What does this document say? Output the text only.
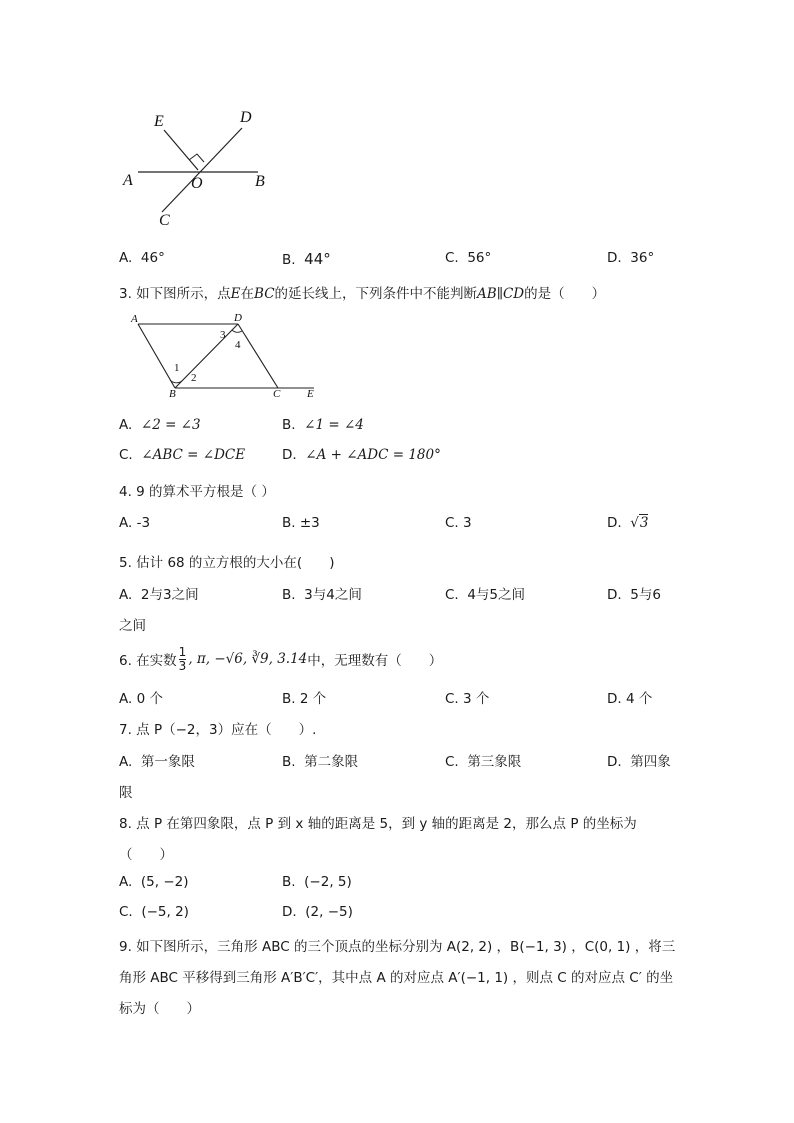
E	D
A	O	B
C
A. 46°	B. 44°	C. 56°	D. 36°
3. 如下图所示，点E在BC的延长线上，下列条件中不能判断AB∥CD的是（　　）
A	D
3
4
1
2
B	C E
A. ∠2 = ∠3	B. ∠1 = ∠4
C. ∠ABC = ∠DCE	D. ∠A + ∠ADC = 180°
4. 9 的算术平方根是（ ）
A. -3	B. ±3	C. 3	D. √3
5. 估计 68 的立方根的大小在(　　)
A. 2与3之间	B. 3与4之间	C. 4与5之间	D. 5与6
之间
6. 在实数 $\frac{1}{3}$ , π, −√6, ∛9, 3.14 中，无理数有（　　）
A. 0 个	B. 2 个	C. 3 个	D. 4 个
7. 点 P（−2，3）应在（　　）.
A. 第一象限	B. 第二象限	C. 第三象限	D. 第四象
限
8. 点 P 在第四象限，点 P 到 x 轴的距离是 5，到 y 轴的距离是 2，那么点 P 的坐标为
（　　）
A. (5, −2)	B. (−2, 5)
C. (−5, 2)	D. (2, −5)
9. 如下图所示，三角形 ABC 的三个顶点的坐标分别为 A(2, 2) ，B(−1, 3) ，C(0, 1) ，将三
角形 ABC 平移得到三角形 A′B′C′，其中点 A 的对应点 A′(−1, 1) ，则点 C 的对应点 C′ 的坐
标为（　　）
